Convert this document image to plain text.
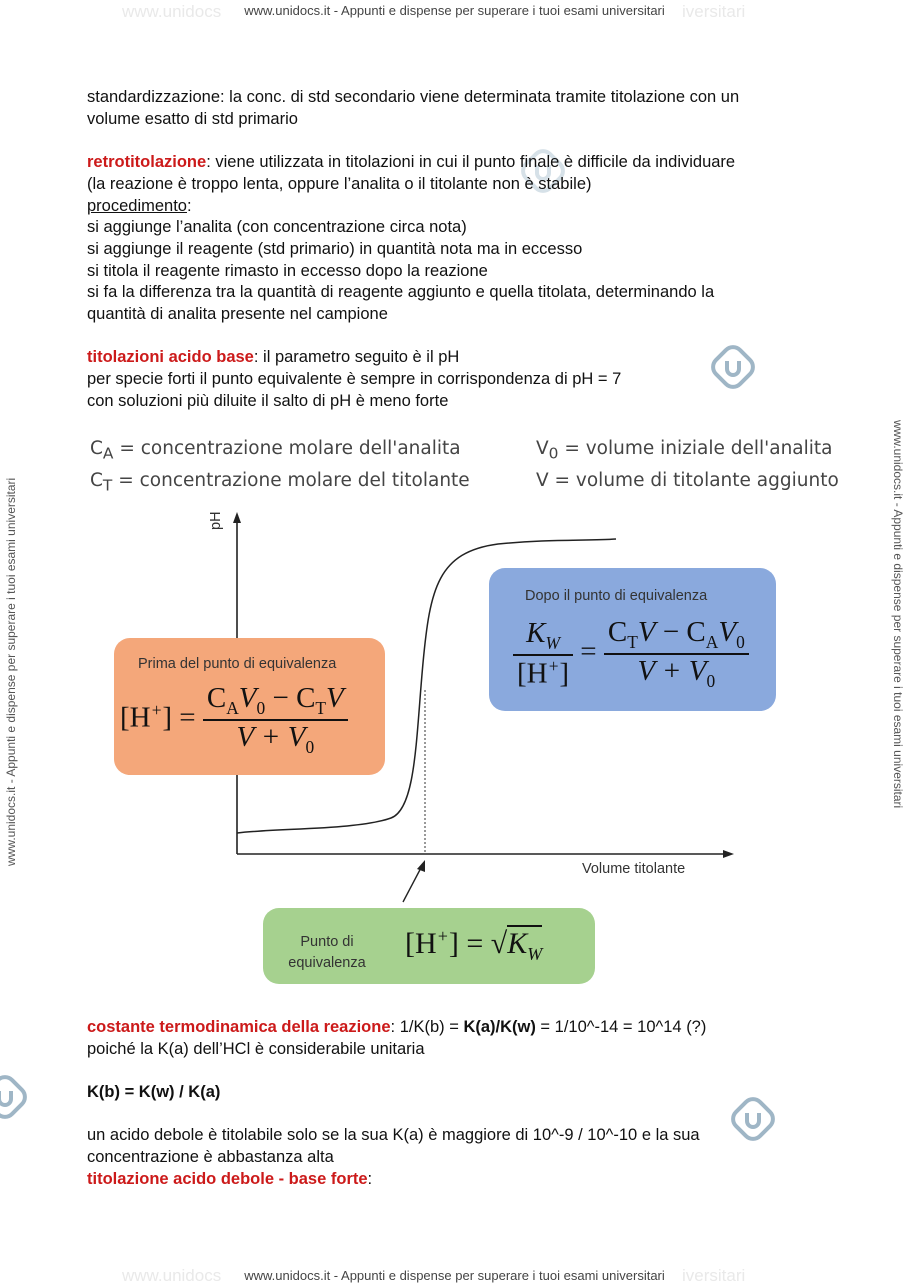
www.unidocs	iversitari
www.unidocs	iversitari
www.unidocs.it - Appunti e dispense per superare i tuoi esami universitari
www.unidocs.it - Appunti e dispense per superare i tuoi esami universitari
www.unidocs.it - Appunti e dispense per superare i tuoi esami universitari	www.unidocs.it - Appunti e dispense per superare i tuoi esami universitari

standardizzazione: la conc. di std secondario viene determinata tramite titolazione con un

volume esatto di std primario

retrotitolazione: viene utilizzata in titolazioni in cui il punto finale è difficile da individuare

(la reazione è troppo lenta, oppure l’analita o il titolante non è stabile)

procedimento:

si aggiunge l’analita (con concentrazione circa nota)

si aggiunge il reagente (std primario) in quantità nota ma in eccesso

si titola il reagente rimasto in eccesso dopo la reazione

si fa la differenza tra la quantità di reagente aggiunto e quella titolata, determinando la

quantità di analita presente nel campione

titolazioni acido base: il parametro seguito è il pH

per specie forti il punto equivalente è sempre in corrispondenza di pH = 7

con soluzioni più diluite il salto di pH è meno forte

$C_A$ = concentrazione molare dell'analita
$C_T$ = concentrazione molare del titolante
$V_0$ = volume iniziale dell'analita
V = volume di titolante aggiunto
pH
Volume titolante
Prima del punto di equivalenza
$[H^+] = \frac{C_AV_0 - C_TV}{V + V_0}$
Dopo il punto di equivalenza
$\frac{K_W}{[H^+]} = \frac{C_TV - C_AV_0}{V + V_0}$
Punto di
equivalenza
$[H^+] = √K_W$

costante termodinamica della reazione: 1/K(b) = K(a)/K(w) = 1/10^-14 = 10^14 (?)

poiché la K(a) dell’HCl è considerabile unitaria

K(b) = K(w) / K(a)

un acido debole è titolabile solo se la sua K(a) è maggiore di 10^-9 / 10^-10 e la sua

concentrazione è abbastanza alta

titolazione acido debole - base forte:
